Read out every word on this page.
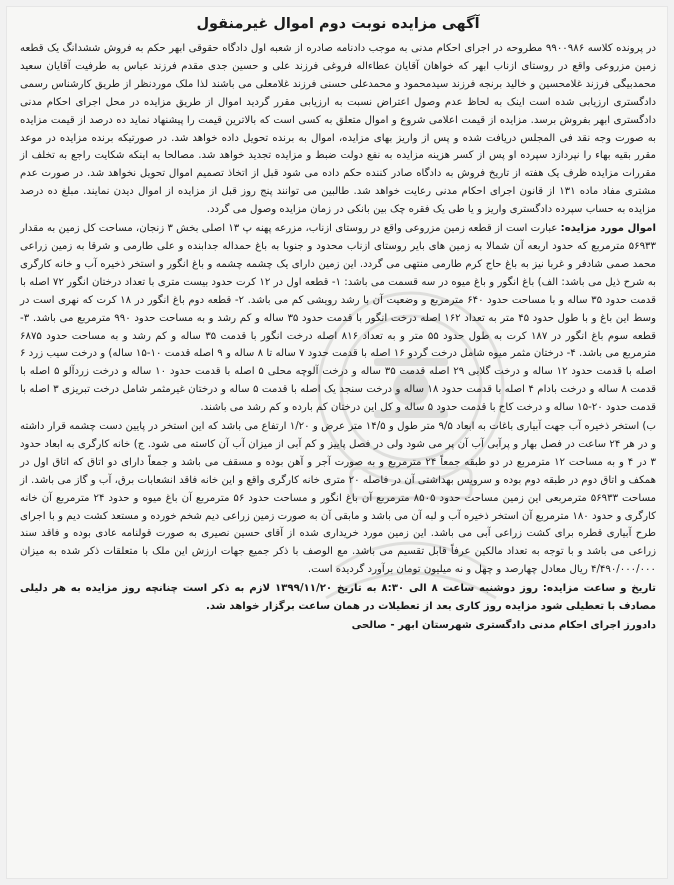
آگهی مزایده نوبت دوم اموال غیرمنقول

در پرونده کلاسه ۹۹۰۰۹۸۶ مطروحه در اجرای احکام مدنی به موجب دادنامه صادره از شعبه اول دادگاه حقوقی ابهر حکم به فروش ششدانگ یک قطعه زمین مزروعی واقع در روستای ازناب ابهر که خواهان آقایان عطاءاله فروغی فرزند علی و حسین جدی مقدم فرزند عباس به طرفیت آقایان سعید محمدبیگی فرزند غلامحسین و خالید برنجه فرزند سیدمحمود و محمدعلی حسنی فرزند غلامعلی می باشند لذا ملک موردنظر از طریق کارشناس رسمی دادگستری ارزیابی شده است اینک به لحاظ عدم وصول اعتراض نسبت به ارزیابی مقرر گردید اموال از طریق مزایده در محل اجرای احکام مدنی دادگستری ابهر بفروش برسد. مزایده از قیمت اعلامی شروع و اموال متعلق به کسی است که بالاترین قیمت را پیشنهاد نماید ده درصد از قیمت مزایده به صورت وجه نقد فی المجلس دریافت شده و پس از واریز بهای مزایده، اموال به برنده تحویل داده خواهد شد. در صورتیکه برنده مزایده در موعد مقرر بقیه بهاء را نپردازد سپرده او پس از کسر هزینه مزایده به نفع دولت ضبط و مزایده تجدید خواهد شد. مصالحا به اینکه شکایت راجع به تخلف از مقررات مزایده ظرف یک هفته از تاریخ فروش به دادگاه صادر کننده حکم داده می شود قبل از اتخاذ تصمیم اموال تحویل نخواهد شد. در صورت عدم مشتری مفاد ماده ۱۳۱ از قانون اجرای احکام مدنی رعایت خواهد شد. طالبین می توانند پنج روز قبل از مزایده از اموال دیدن نمایند. مبلغ ده درصد مزایده به حساب سپرده دادگستری واریز و یا طی یک فقره چک بین بانکی در زمان مزایده وصول می گردد.

اموال مورد مزایده: عبارت است از قطعه زمین مزروعی واقع در روستای ازناب، مزرعه پهنه پ ۱۳ اصلی بخش ۳ زنجان، مساحت کل زمین به مقدار ۵۶۹۳۳ مترمربع که حدود اربعه آن شمالا به زمین های بایر روستای ازناب محدود و جنوبا به باغ حمداله جدابنده و علی طارمی و شرقا به زمین زراعی محمد صمی شادفر و غربا نیز به باغ حاج کرم طارمی منتهی می گردد. این زمین دارای یک چشمه چشمه و باغ انگور و استخر ذخیره آب و خانه کارگری به شرح ذیل می باشد: الف) باغ انگور و باغ میوه در سه قسمت می باشد: ۱- قطعه اول در ۱۲ کرت حدود بیست متری با تعداد درختان انگور ۷۲ اصله با قدمت حدود ۳۵ ساله و با مساحت حدود ۶۴۰ مترمربع و وضعیت آن با رشد رویشی کم می باشد. ۲- قطعه دوم باغ انگور در ۱۸ کرت که نهری است در وسط این باغ و با طول حدود ۴۵ متر به تعداد ۱۶۲ اصله درخت انگور با قدمت حدود ۳۵ ساله و کم رشد و به مساحت حدود ۹۹۰ مترمربع می باشد. ۳- قطعه سوم باغ انگور در ۱۸۷ کرت به طول حدود ۵۵ متر و به تعداد ۸۱۶ اصله درخت انگور با قدمت ۳۵ ساله و کم رشد و به مساحت حدود ۶۸۷۵ مترمربع می باشد. ۴- درختان مثمر میوه شامل درخت گردو ۱۶ اصله با قدمت حدود ۷ ساله تا ۸ ساله و ۹ اصله قدمت ۱۰-۱۵ ساله) و درخت سیب زرد ۶ اصله با قدمت حدود ۱۲ ساله و درخت گلابی ۲۹ اصله قدمت ۳۵ ساله و درخت آلوچه محلی ۵ اصله با قدمت حدود ۱۰ ساله و درخت زردآلو ۵ اصله با قدمت ۸ ساله و درخت بادام ۴ اصله با قدمت حدود ۱۸ ساله و درخت سنجد یک اصله با قدمت ۵ ساله و درختان غیرمثمر شامل درخت تبریزی ۳ اصله با قدمت حدود ۲۰-۱۵ ساله و درخت کاج با قدمت حدود ۵ ساله و کل این درختان کم بارده و کم رشد می باشند.

ب) استخر ذخیره آب جهت آبیاری باغات به ابعاد ۹/۵ متر طول و ۱۴/۵ متر عرض و ۱/۲۰ ارتفاع می باشد که این استخر در پایین دست چشمه قرار داشته و در هر ۲۴ ساعت در فصل بهار و پرآبی آب آن پر می شود ولی در فصل پاییز و کم آبی از میزان آب آن کاسته می شود. ج) خانه کارگری به ابعاد حدود ۳ در ۴ و به مساحت ۱۲ مترمربع در دو طبقه جمعاً ۲۴ مترمربع و به صورت آجر و آهن بوده و مسقف می باشد و جمعاً دارای دو اتاق که اتاق اول در همکف و اتاق دوم در طبقه دوم بوده و سرویس بهداشتی آن در فاصله ۲۰ متری خانه کارگری واقع و این خانه فاقد انشعابات برق، آب و گاز می باشد. از مساحت ۵۶۹۳۳ مترمربعی این زمین مساحت حدود ۸۵۰۵ مترمربع آن باغ انگور و مساحت حدود ۵۶ مترمربع آن باغ میوه و حدود ۲۴ مترمربع آن خانه کارگری و حدود ۱۸۰ مترمربع آن استخر ذخیره آب و لبه آن می باشد و مابقی آن به صورت زمین زراعی دیم شخم خورده و مستعد کشت دیم و با اجرای طرح آبیاری قطره برای کشت زراعی آبی می باشد. این زمین مورد خریداری شده از آقای حسین نصیری به صورت قولنامه عادی بوده و فاقد سند زراعی می باشد و با توجه به تعداد مالکین عرفاً قابل تقسیم می باشد. مع الوصف با ذکر جمیع جهات ارزش این ملک با متعلقات ذکر شده به میزان ۴/۴۹۰/۰۰۰/۰۰۰ ریال معادل چهارصد و چهل و نه میلیون تومان برآورد گردیده است.

تاریخ و ساعت مزایده: روز دوشنبه ساعت ۸ الی ۸:۳۰ به تاریخ ۱۳۹۹/۱۱/۲۰ لازم به ذکر است چنانچه روز مزایده به هر دلیلی مصادف با تعطیلی شود مزایده روز کاری بعد از تعطیلات در همان ساعت برگزار خواهد شد.

دادورز اجرای احکام مدنی دادگستری شهرستان ابهر - صالحی
